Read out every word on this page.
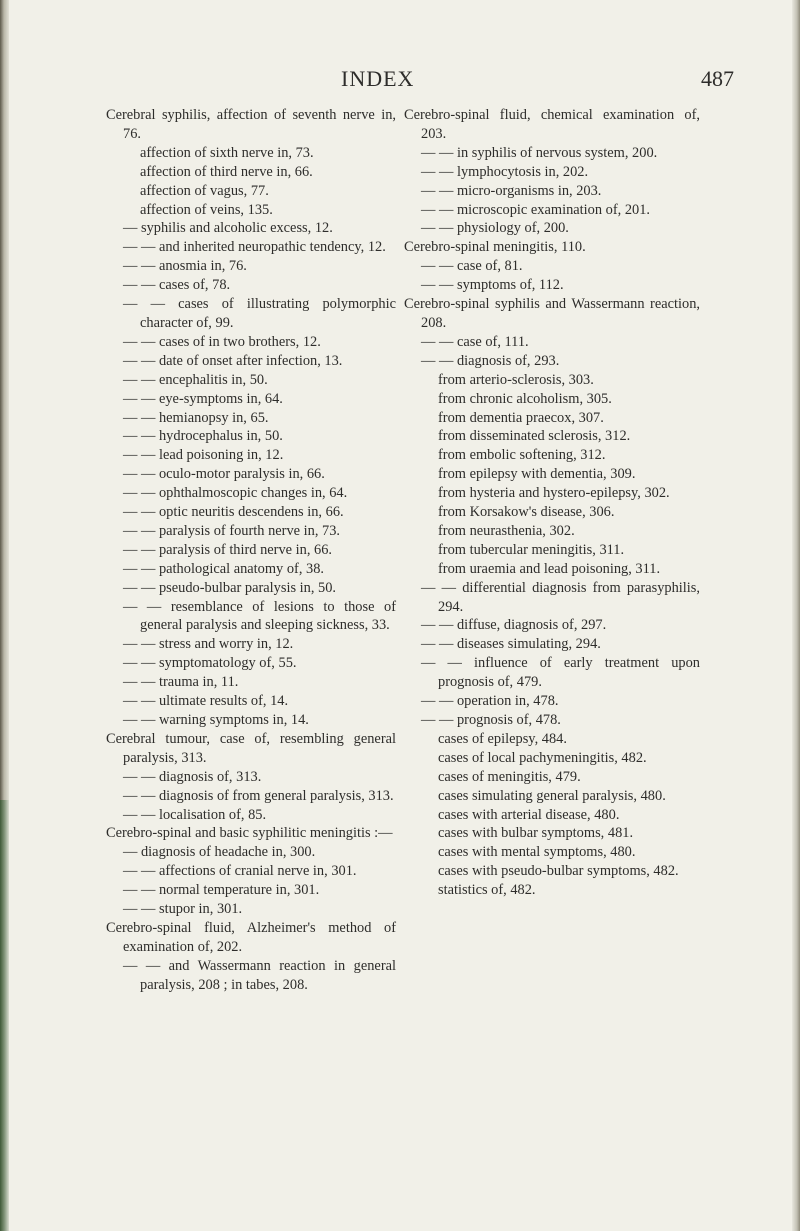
INDEX	487
Cerebral syphilis, affection of seventh nerve in, 76.
affection of sixth nerve in, 73.
affection of third nerve in, 66.
affection of vagus, 77.
affection of veins, 135.
— syphilis and alcoholic excess, 12.
— — and inherited neuropathic tendency, 12.
— — anosmia in, 76.
— — cases of, 78.
— — cases of illustrating polymorphic character of, 99.
— — cases of in two brothers, 12.
— — date of onset after infection, 13.
— — encephalitis in, 50.
— — eye-symptoms in, 64.
— — hemianopsy in, 65.
— — hydrocephalus in, 50.
— — lead poisoning in, 12.
— — oculo-motor paralysis in, 66.
— — ophthalmoscopic changes in, 64.
— — optic neuritis descendens in, 66.
— — paralysis of fourth nerve in, 73.
— — paralysis of third nerve in, 66.
— — pathological anatomy of, 38.
— — pseudo-bulbar paralysis in, 50.
— — resemblance of lesions to those of general paralysis and sleeping sickness, 33.
— — stress and worry in, 12.
— — symptomatology of, 55.
— — trauma in, 11.
— — ultimate results of, 14.
— — warning symptoms in, 14.
Cerebral tumour, case of, resembling general paralysis, 313.
— — diagnosis of, 313.
— — diagnosis of from general paralysis, 313.
— — localisation of, 85.
Cerebro-spinal and basic syphilitic meningitis :—
— diagnosis of headache in, 300.
— — affections of cranial nerve in, 301.
— — normal temperature in, 301.
— — stupor in, 301.
Cerebro-spinal fluid, Alzheimer's method of examination of, 202.
— — and Wassermann reaction in general paralysis, 208 ; in tabes, 208.
Cerebro-spinal fluid, chemical examination of, 203.
— — in syphilis of nervous system, 200.
— — lymphocytosis in, 202.
— — micro-organisms in, 203.
— — microscopic examination of, 201.
— — physiology of, 200.
Cerebro-spinal meningitis, 110.
— — case of, 81.
— — symptoms of, 112.
Cerebro-spinal syphilis and Wassermann reaction, 208.
— — case of, 111.
— — diagnosis of, 293.
from arterio-sclerosis, 303.
from chronic alcoholism, 305.
from dementia praecox, 307.
from disseminated sclerosis, 312.
from embolic softening, 312.
from epilepsy with dementia, 309.
from hysteria and hystero-epilepsy, 302.
from Korsakow's disease, 306.
from neurasthenia, 302.
from tubercular meningitis, 311.
from uraemia and lead poisoning, 311.
— — differential diagnosis from parasyphilis, 294.
— — diffuse, diagnosis of, 297.
— — diseases simulating, 294.
— — influence of early treatment upon prognosis of, 479.
— — operation in, 478.
— — prognosis of, 478.
cases of epilepsy, 484.
cases of local pachymeningitis, 482.
cases of meningitis, 479.
cases simulating general paralysis, 480.
cases with arterial disease, 480.
cases with bulbar symptoms, 481.
cases with mental symptoms, 480.
cases with pseudo-bulbar symptoms, 482.
statistics of, 482.
